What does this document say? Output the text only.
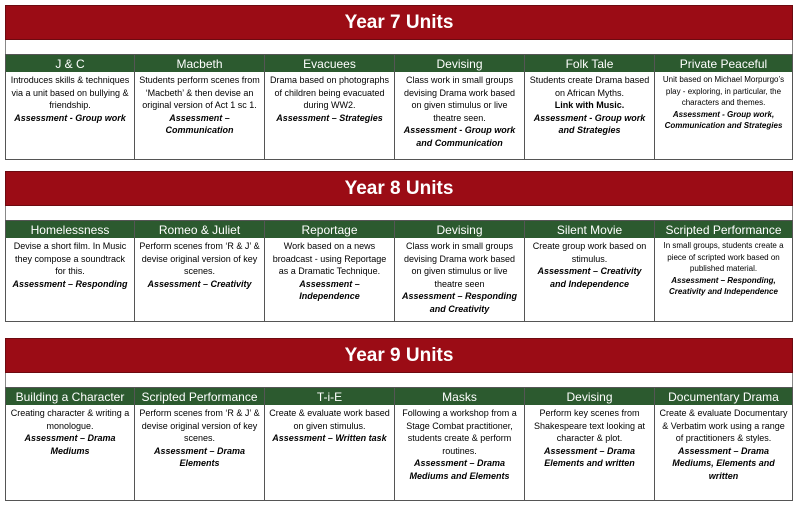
Year 7 Units
J & C
Introduces skills & techniques via a unit based on bullying & friendship.
Assessment - Group work
Macbeth
Students perform scenes from ‘Macbeth’ & then devise an original version of Act 1 sc 1.
Assessment – Communication
Evacuees
Drama based on photographs of children being evacuated during WW2.
Assessment – Strategies
Devising
Class work in small groups devising Drama work based on given stimulus or live theatre seen.
Assessment - Group work and Communication
Folk Tale
Students create Drama based on African Myths.
Link with Music.
Assessment - Group work and Strategies
Private Peaceful
Unit based on Michael Morpurgo’s play - exploring, in particular, the characters and themes.
Assessment - Group work, Communication and Strategies
Year 8 Units
Homelessness
Devise a short film. In Music they compose a soundtrack for this.
Assessment – Responding
Romeo & Juliet
Perform scenes from ‘R & J’ & devise original version of key scenes.
Assessment – Creativity
Reportage
Work based on a news broadcast - using Reportage as a Dramatic Technique.
Assessment – Independence
Devising
Class work in small groups devising Drama work based on given stimulus or live theatre seen
Assessment – Responding and Creativity
Silent Movie
Create group work based on stimulus.
Assessment – Creativity and Independence
Scripted Performance
In small groups, students create a piece of scripted work based on published material.
Assessment – Responding, Creativity and Independence
Year 9 Units
Building a Character
Creating character & writing a monologue.
Assessment – Drama Mediums
Scripted Performance
Perform scenes from ‘R & J’ & devise original version of key scenes.
Assessment – Drama Elements
T-i-E
Create & evaluate work based on given stimulus.
Assessment – Written task
Masks
Following a workshop from a Stage Combat practitioner, students create & perform routines.
Assessment – Drama Mediums and Elements
Devising
Perform key scenes from Shakespeare text looking at character & plot.
Assessment – Drama Elements and written
Documentary Drama
Create & evaluate Documentary & Verbatim work using a range of practitioners & styles.
Assessment – Drama Mediums, Elements and written
